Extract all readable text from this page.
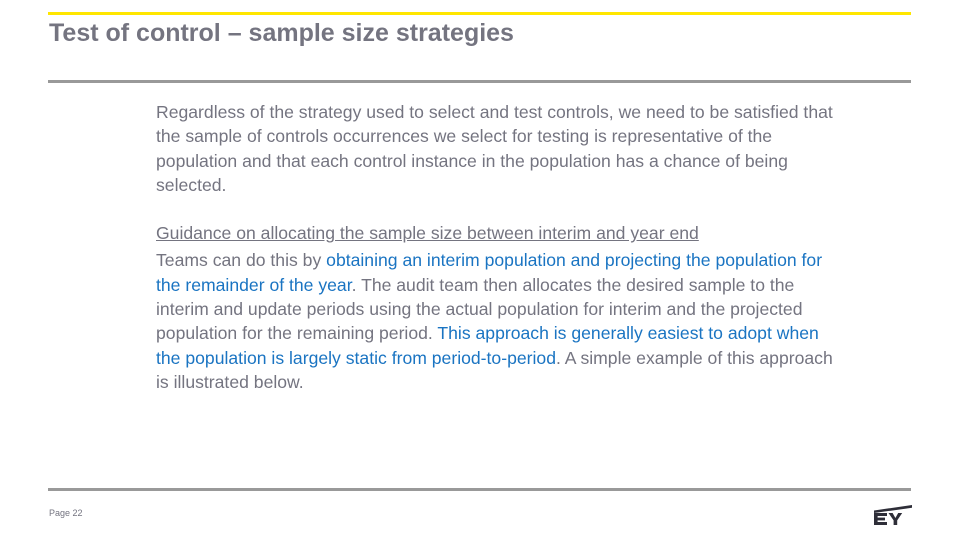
Test of control – sample size strategies

Regardless of the strategy used to select and test controls, we need to be satisfied that the sample of controls occurrences we select for testing is representative of the population and that each control instance in the population has a chance of being selected.

Guidance on allocating the sample size between interim and year end

Teams can do this by obtaining an interim population and projecting the population for the remainder of the year. The audit team then allocates the desired sample to the interim and update periods using the actual population for interim and the projected population for the remaining period. This approach is generally easiest to adopt when the population is largely static from period-to-period. A simple example of this approach is illustrated below.

Page 22
